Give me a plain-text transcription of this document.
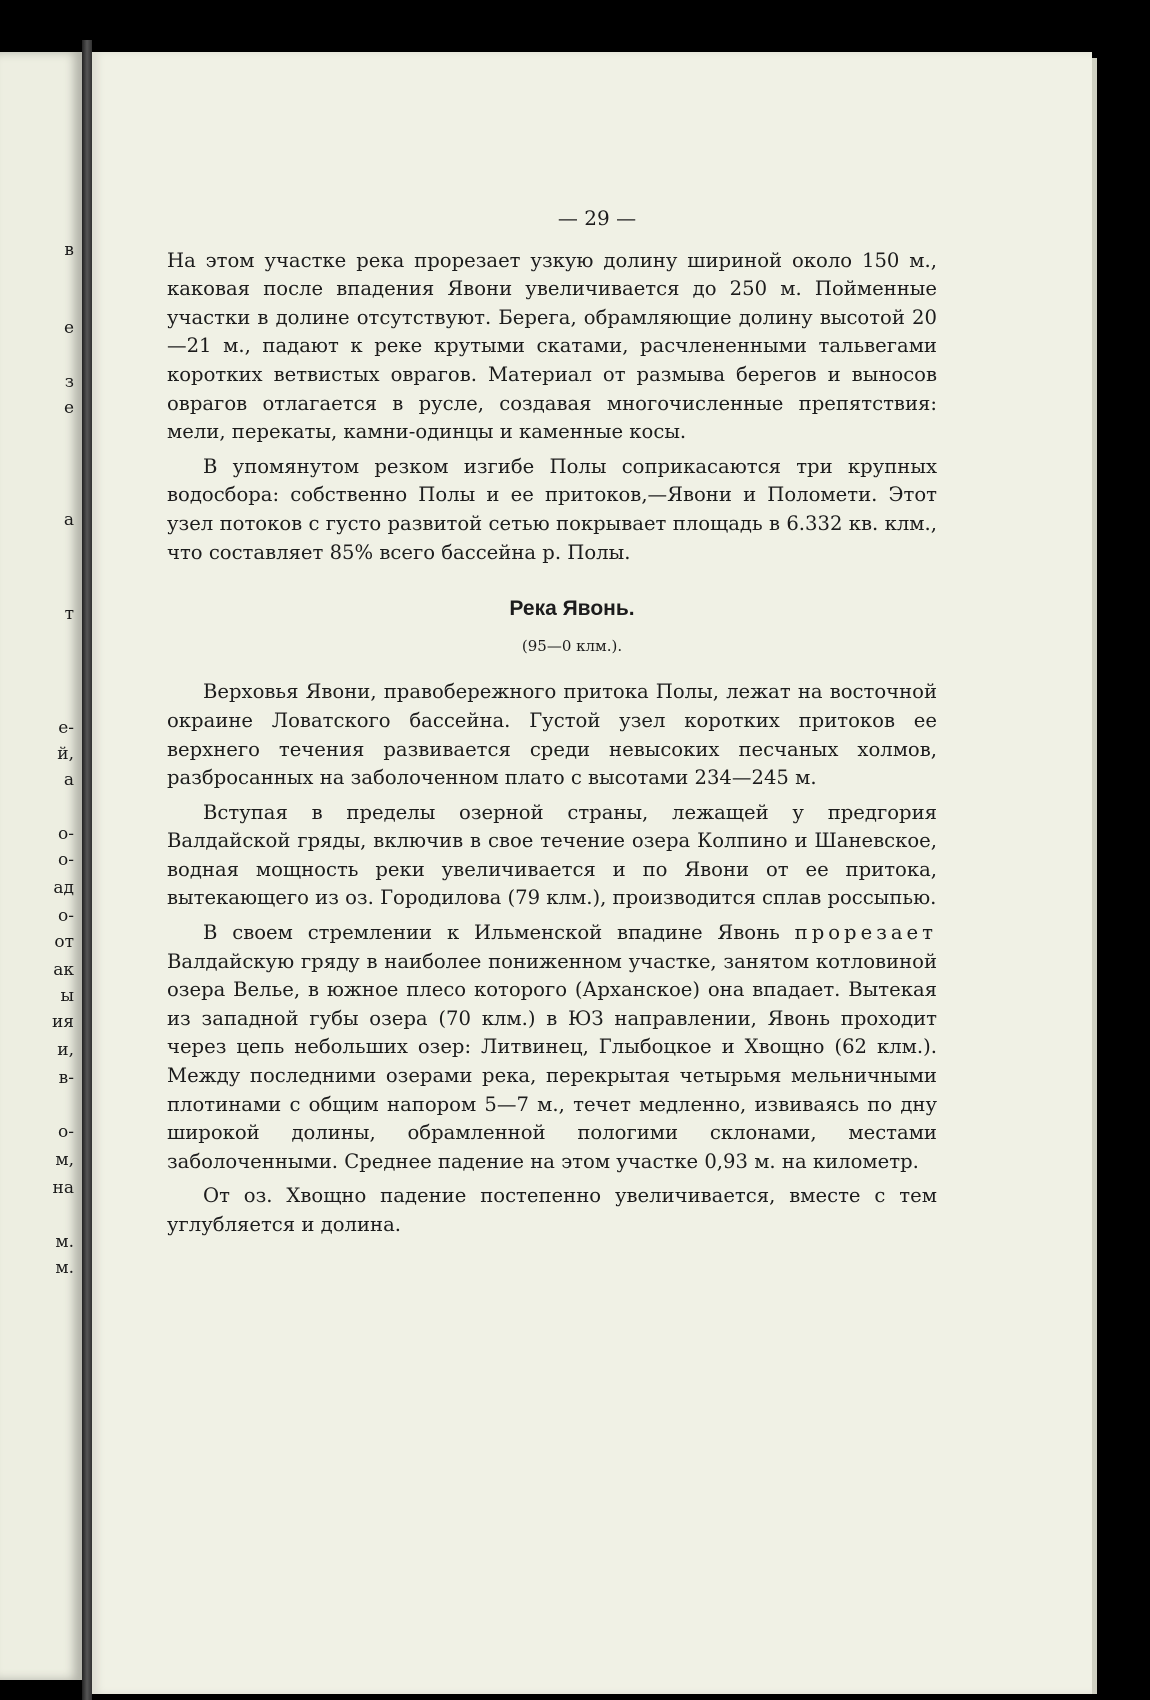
в
е
з
е
а
т
е-
й,
а
о-
о-
ад
о-
от
ак
ы
ия
и,
в-
о-
м,
на
м.
м.
— 29 —

На этом участке река прорезает узкую долину шириной около 150 м., каковая после впадения Явони увеличивается до 250 м. Пойменные участки в долине отсутствуют. Берега, обрамляющие долину высотой 20—21 м., падают к реке крутыми скатами, расчлененными тальвегами коротких ветвистых оврагов. Материал от размыва берегов и выносов оврагов отлагается в русле, создавая многочисленные препятствия: мели, перекаты, камни-одинцы и каменные косы.

В упомянутом резком изгибе Полы соприкасаются три крупных водосбора: собственно Полы и ее притоков,—Явони и Поломети. Этот узел потоков с густо развитой сетью покрывает площадь в 6.332 кв. клм., что составляет 85% всего бассейна р. Полы.

Река Явонь.
(95—0 клм.).

Верховья Явони, правобережного притока Полы, лежат на восточной окраине Ловатского бассейна. Густой узел коротких притоков ее верхнего течения развивается среди невысоких песчаных холмов, разбросанных на заболоченном плато с высотами 234—245 м.

Вступая в пределы озерной страны, лежащей у предгория Валдайской гряды, включив в свое течение озера Колпино и Шаневское, водная мощность реки увеличивается и по Явони от ее притока, вытекающего из оз. Городилова (79 клм.), производится сплав россыпью.

В своем стремлении к Ильменской впадине Явонь прорезает Валдайскую гряду в наиболее пониженном участке, занятом котловиной озера Велье, в южное плесо которого (Арханское) она впадает. Вытекая из западной губы озера (70 клм.) в ЮЗ направлении, Явонь проходит через цепь небольших озер: Литвинец, Глыбоцкое и Хвощно (62 клм.). Между последними озерами река, перекрытая четырьмя мельничными плотинами с общим напором 5—7 м., течет медленно, извиваясь по дну широкой долины, обрамленной пологими склонами, местами заболоченными. Среднее падение на этом участке 0,93 м. на километр.

От оз. Хвощно падение постепенно увеличивается, вместе с тем углубляется и долина.
